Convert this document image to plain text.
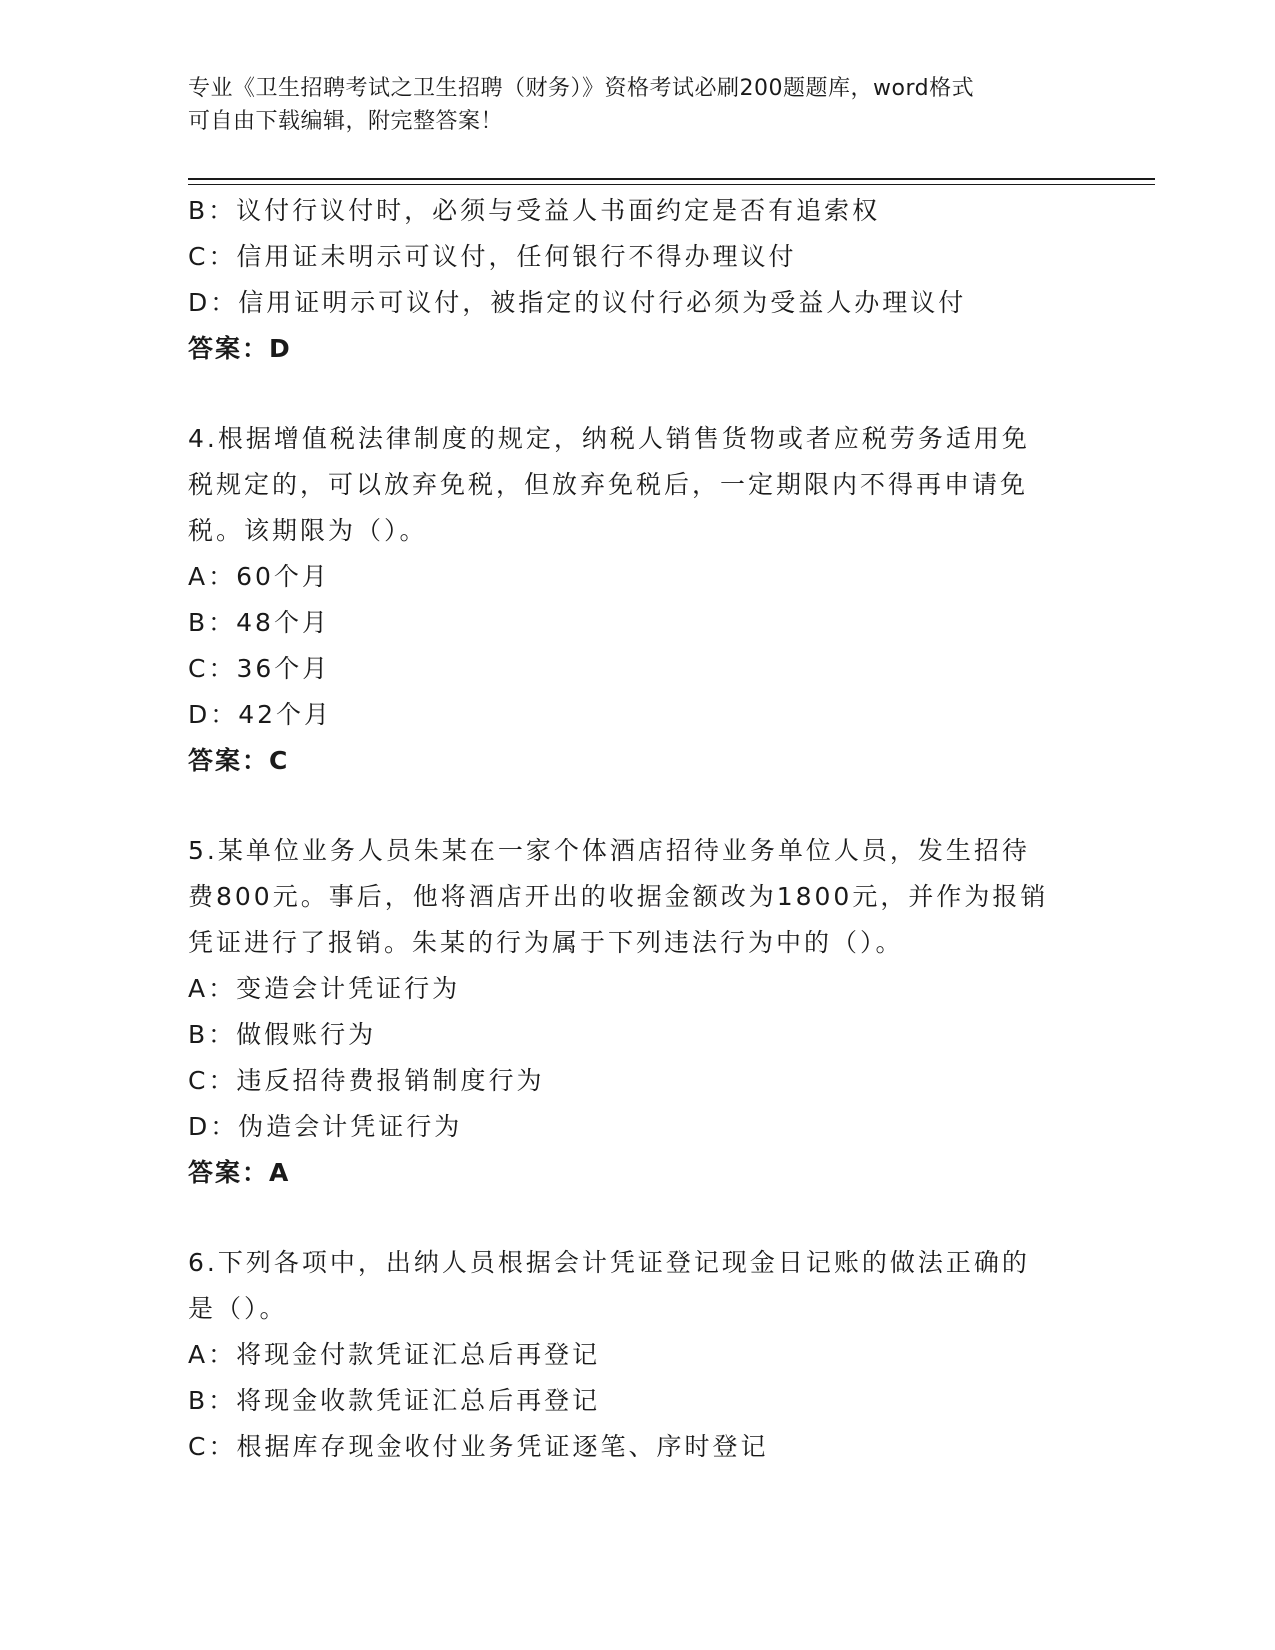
专业《卫生招聘考试之卫生招聘（财务）》资格考试必刷200题题库，word格式
可自由下载编辑，附完整答案！
B：议付行议付时，必须与受益人书面约定是否有追索权
C：信用证未明示可议付，任何银行不得办理议付
D：信用证明示可议付，被指定的议付行必须为受益人办理议付
答案：D
4.根据增值税法律制度的规定，纳税人销售货物或者应税劳务适用免
税规定的，可以放弃免税，但放弃免税后，一定期限内不得再申请免
税。该期限为（）。
A：60个月
B：48个月
C：36个月
D：42个月
答案：C
5.某单位业务人员朱某在一家个体酒店招待业务单位人员，发生招待
费800元。事后，他将酒店开出的收据金额改为1800元，并作为报销
凭证进行了报销。朱某的行为属于下列违法行为中的（）。
A：变造会计凭证行为
B：做假账行为
C：违反招待费报销制度行为
D：伪造会计凭证行为
答案：A
6.下列各项中，出纳人员根据会计凭证登记现金日记账的做法正确的
是（）。
A：将现金付款凭证汇总后再登记
B：将现金收款凭证汇总后再登记
C：根据库存现金收付业务凭证逐笔、序时登记
